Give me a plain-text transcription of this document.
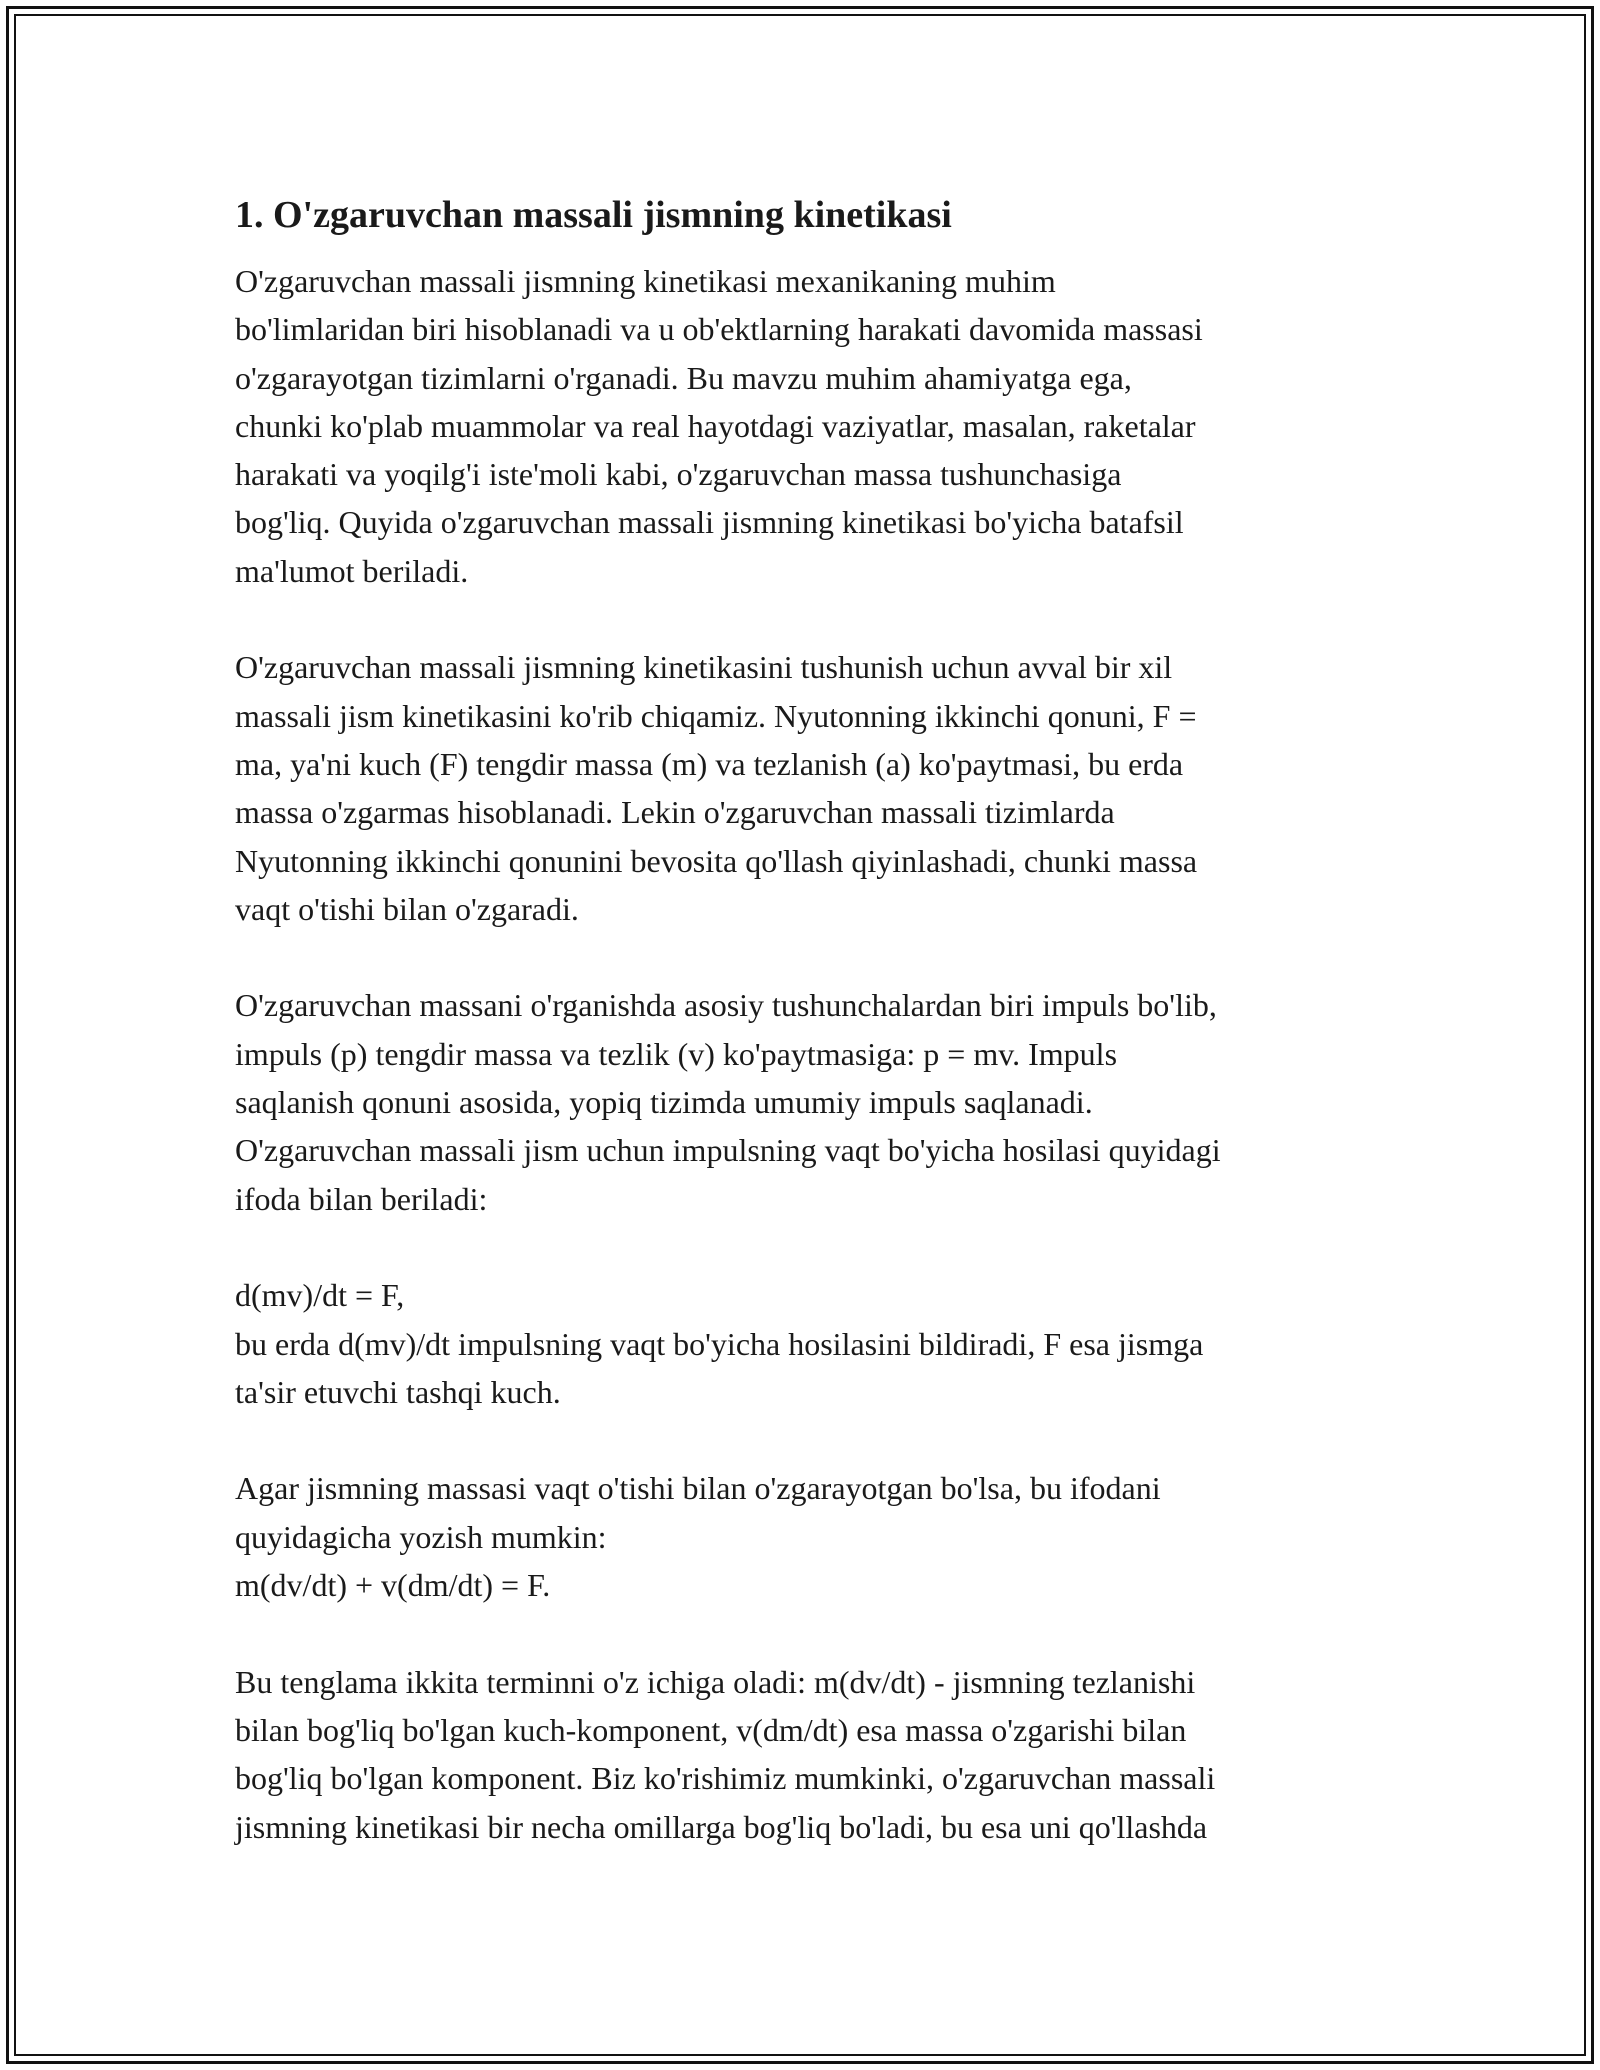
1. O'zgaruvchan massali jismning kinetikasi

O'zgaruvchan massali jismning kinetikasi mexanikaning muhim
bo'limlaridan biri hisoblanadi va u ob'ektlarning harakati davomida massasi
o'zgarayotgan tizimlarni o'rganadi. Bu mavzu muhim ahamiyatga ega,
chunki ko'plab muammolar va real hayotdagi vaziyatlar, masalan, raketalar
harakati va yoqilg'i iste'moli kabi, o'zgaruvchan massa tushunchasiga
bog'liq. Quyida o'zgaruvchan massali jismning kinetikasi bo'yicha batafsil
ma'lumot beriladi.

O'zgaruvchan massali jismning kinetikasini tushunish uchun avval bir xil
massali jism kinetikasini ko'rib chiqamiz. Nyutonning ikkinchi qonuni, F =
ma, ya'ni kuch (F) tengdir massa (m) va tezlanish (a) ko'paytmasi, bu erda
massa o'zgarmas hisoblanadi. Lekin o'zgaruvchan massali tizimlarda
Nyutonning ikkinchi qonunini bevosita qo'llash qiyinlashadi, chunki massa
vaqt o'tishi bilan o'zgaradi.

O'zgaruvchan massani o'rganishda asosiy tushunchalardan biri impuls bo'lib,
impuls (p) tengdir massa va tezlik (v) ko'paytmasiga: p = mv. Impuls
saqlanish qonuni asosida, yopiq tizimda umumiy impuls saqlanadi.
O'zgaruvchan massali jism uchun impulsning vaqt bo'yicha hosilasi quyidagi
ifoda bilan beriladi:

d(mv)/dt = F,
bu erda d(mv)/dt impulsning vaqt bo'yicha hosilasini bildiradi, F esa jismga
ta'sir etuvchi tashqi kuch.

Agar jismning massasi vaqt o'tishi bilan o'zgarayotgan bo'lsa, bu ifodani
quyidagicha yozish mumkin:
m(dv/dt) + v(dm/dt) = F.

Bu tenglama ikkita terminni o'z ichiga oladi: m(dv/dt) - jismning tezlanishi
bilan bog'liq bo'lgan kuch-komponent, v(dm/dt) esa massa o'zgarishi bilan
bog'liq bo'lgan komponent. Biz ko'rishimiz mumkinki, o'zgaruvchan massali
jismning kinetikasi bir necha omillarga bog'liq bo'ladi, bu esa uni qo'llashda
